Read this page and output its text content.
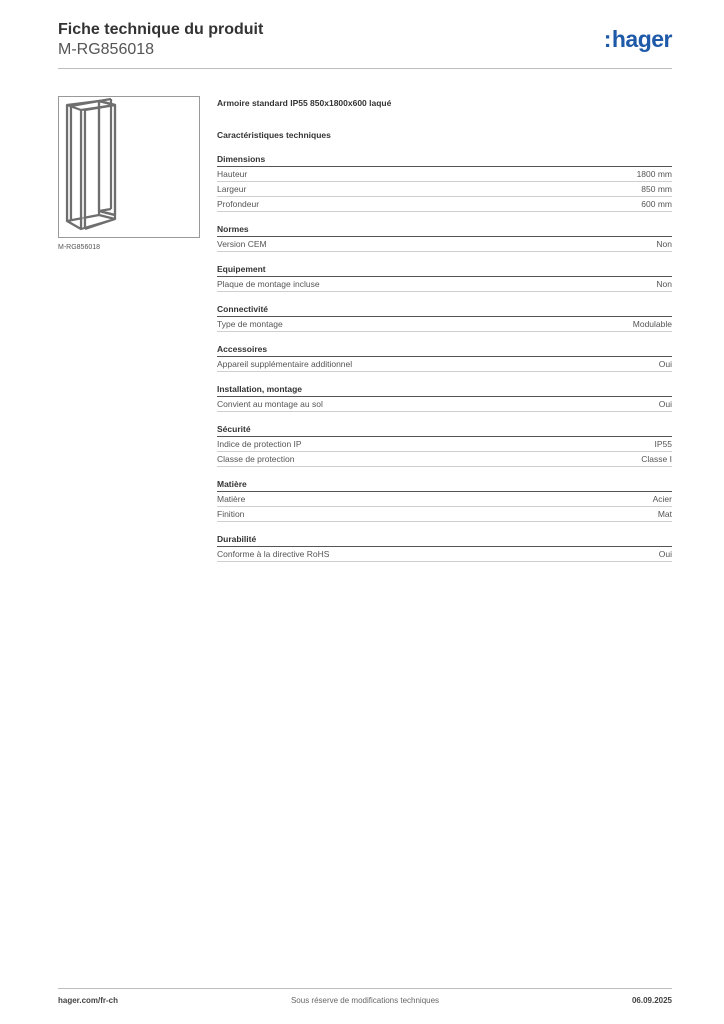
Fiche technique du produit
M-RG856018	:hager
M-RG856018
Armoire standard IP55 850x1800x600 laqué
Caractéristiques techniques
Dimensions
Hauteur	1800 mm
Largeur	850 mm
Profondeur	600 mm
Normes
Version CEM	Non
Equipement
Plaque de montage incluse	Non
Connectivité
Type de montage	Modulable
Accessoires
Appareil supplémentaire additionnel	Oui
Installation, montage
Convient au montage au sol	Oui
Sécurité
Indice de protection IP	IP55
Classe de protection	Classe I
Matière
Matière	Acier
Finition	Mat
Durabilité
Conforme à la directive RoHS	Oui
hager.com/fr-ch	Sous réserve de modifications techniques	06.09.2025
